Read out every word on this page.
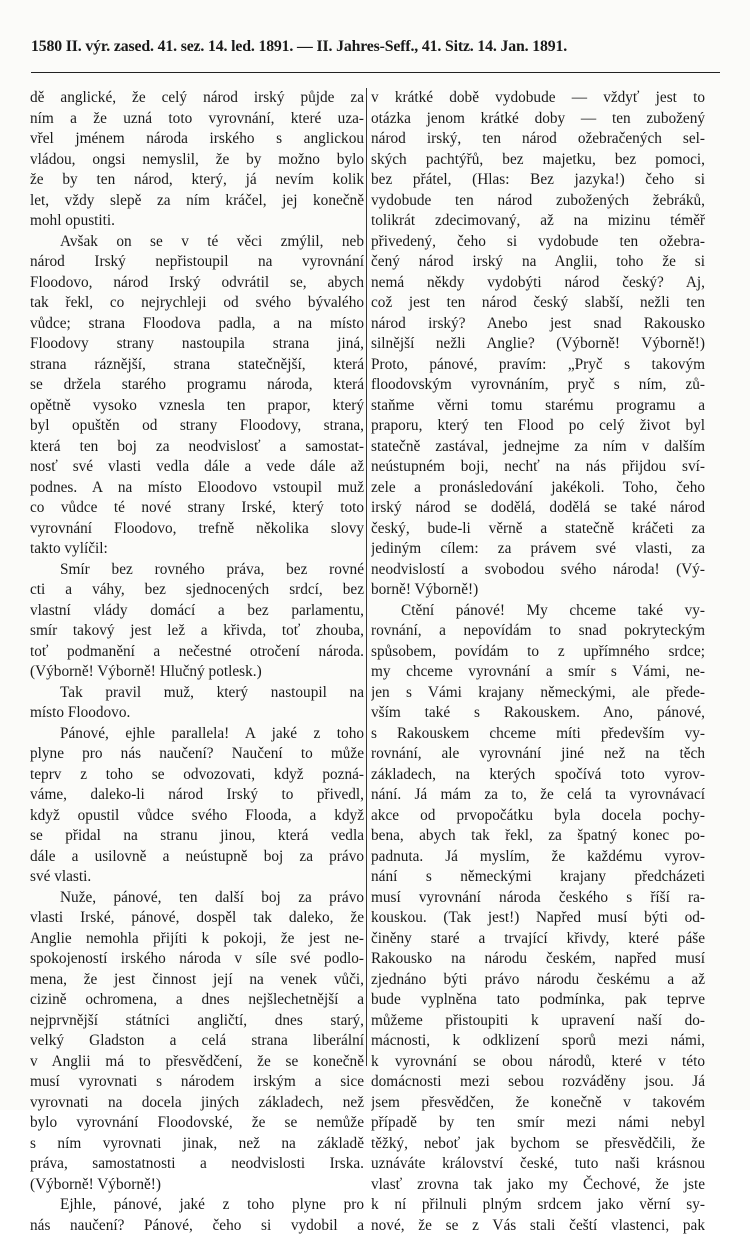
1580 II. výr. zased. 41. sez. 14. led. 1891. — II. Jahres-Seff., 41. Sitz. 14. Jan. 1891.
dě anglické, že celý národ irský půjde za
ním a že uzná toto vyrovnání, které uza-
vřel jménem národa irského s anglickou
vládou, ongsi nemyslil, že by možno bylo
že by ten národ, který, já nevím kolik
let, vždy slepě za ním kráčel, jej konečně
mohl opustiti.
Avšak on se v té věci zmýlil, neb
národ Irský nepřistoupil na vyrovnání
Floodovo, národ Irský odvrátil se, abych
tak řekl, co nejrychleji od svého bývalého
vůdce; strana Floodova padla, a na místo
Floodovy strany nastoupila strana jiná,
strana ráznější, strana statečnější, která
se držela starého programu národa, která
opětně vysoko vznesla ten prapor, který
byl opuštěn od strany Floodovy, strana,
která ten boj za neodvislosť a samostat-
nosť své vlasti vedla dále a vede dále až
podnes. A na místo Eloodovo vstoupil muž
co vůdce té nové strany Irské, který toto
vyrovnání Floodovo, trefně několika slovy
takto vylíčil:
Smír bez rovného práva, bez rovné
cti a váhy, bez sjednocených srdcí, bez
vlastní vlády domácí a bez parlamentu,
smír takový jest lež a křivda, toť zhouba,
toť podmanění a nečestné otročení národa.
(Výborně! Výborně! Hlučný potlesk.)
Tak pravil muž, který nastoupil na
místo Floodovo.
Pánové, ejhle parallela! A jaké z toho
plyne pro nás naučení? Naučení to může
teprv z toho se odvozovati, když pozná-
váme, daleko-li národ Irský to přivedl,
když opustil vůdce svého Flooda, a když
se přidal na stranu jinou, která vedla
dále a usilovně a neústupně boj za právo
své vlasti.
Nuže, pánové, ten další boj za právo
vlasti Irské, pánové, dospěl tak daleko, že
Anglie nemohla přijíti k pokoji, že jest ne-
spokojeností irského národa v síle své podlo-
mena, že jest činnost její na venek vůči,
cizině ochromena, a dnes nejšlechetnější a
nejprvnější státníci angličtí, dnes starý,
velký Gladston a celá strana liberální
v Anglii má to přesvědčení, že se konečně
musí vyrovnati s národem irským a sice
vyrovnati na docela jiných základech, než
bylo vyrovnání Floodovské, že se nemůže
s ním vyrovnati jinak, než na základě
práva, samostatnosti a neodvislosti Irska.
(Výborně! Výborně!)
Ejhle, pánové, jaké z toho plyne pro
nás naučení? Pánové, čeho si vydobil a
v krátké době vydobude — vždyť jest to
otázka jenom krátké doby — ten zubožený
národ irský, ten národ ožebračených sel-
ských pachtýřů, bez majetku, bez pomoci,
bez přátel, (Hlas: Bez jazyka!) čeho si
vydobude ten národ zubožených žebráků,
tolikrát zdecimovaný, až na mizinu téměř
přivedený, čeho si vydobude ten ožebra-
čený národ irský na Anglii, toho že si
nemá někdy vydobýti národ český? Aj,
což jest ten národ český slabší, nežli ten
národ irský? Anebo jest snad Rakousko
silnější nežli Anglie? (Výborně! Výborně!)
Proto, pánové, pravím: „Pryč s takovým
floodovským vyrovnáním, pryč s ním, zů-
staňme věrni tomu starému programu a
praporu, který ten Flood po celý život byl
statečně zastával, jednejme za ním v dalším
neústupném boji, nechť na nás přijdou sví-
zele a pronásledování jakékoli. Toho, čeho
irský národ se dodělá, dodělá se také národ
český, bude-li věrně a statečně kráčeti za
jediným cílem: za právem své vlasti, za
neodvislostí a svobodou svého národa! (Vý-
borně! Výborně!)
Ctění pánové! My chceme také vy-
rovnání, a nepovídám to snad pokryteckým
spůsobem, povídám to z upřímného srdce;
my chceme vyrovnání a smír s Vámi, ne-
jen s Vámi krajany německými, ale přede-
vším také s Rakouskem. Ano, pánové,
s Rakouskem chceme míti především vy-
rovnání, ale vyrovnání jiné než na těch
základech, na kterých spočívá toto vyrov-
nání. Já mám za to, že celá ta vyrovnávací
akce od prvopočátku byla docela pochy-
bena, abych tak řekl, za špatný konec po-
padnuta. Já myslím, že každému vyrov-
nání s německými krajany předcházeti
musí vyrovnání národa českého s říší ra-
kouskou. (Tak jest!) Napřed musí býti od-
činěny staré a trvající křivdy, které páše
Rakousko na národu českém, napřed musí
zjednáno býti právo národu českému a až
bude vyplněna tato podmínka, pak teprve
můžeme přistoupiti k upravení naší do-
mácnosti, k odklizení sporů mezi námi,
k vyrovnání se obou národů, které v této
domácnosti mezi sebou rozváděny jsou. Já
jsem přesvědčen, že konečně v takovém
případě by ten smír mezi námi nebyl
těžký, neboť jak bychom se přesvědčili, že
uznáváte království české, tuto naši krásnou
vlasť zrovna tak jako my Čechové, že jste
k ní přilnuli plným srdcem jako věrní sy-
nové, že se z Vás stali čeští vlastenci, pak
